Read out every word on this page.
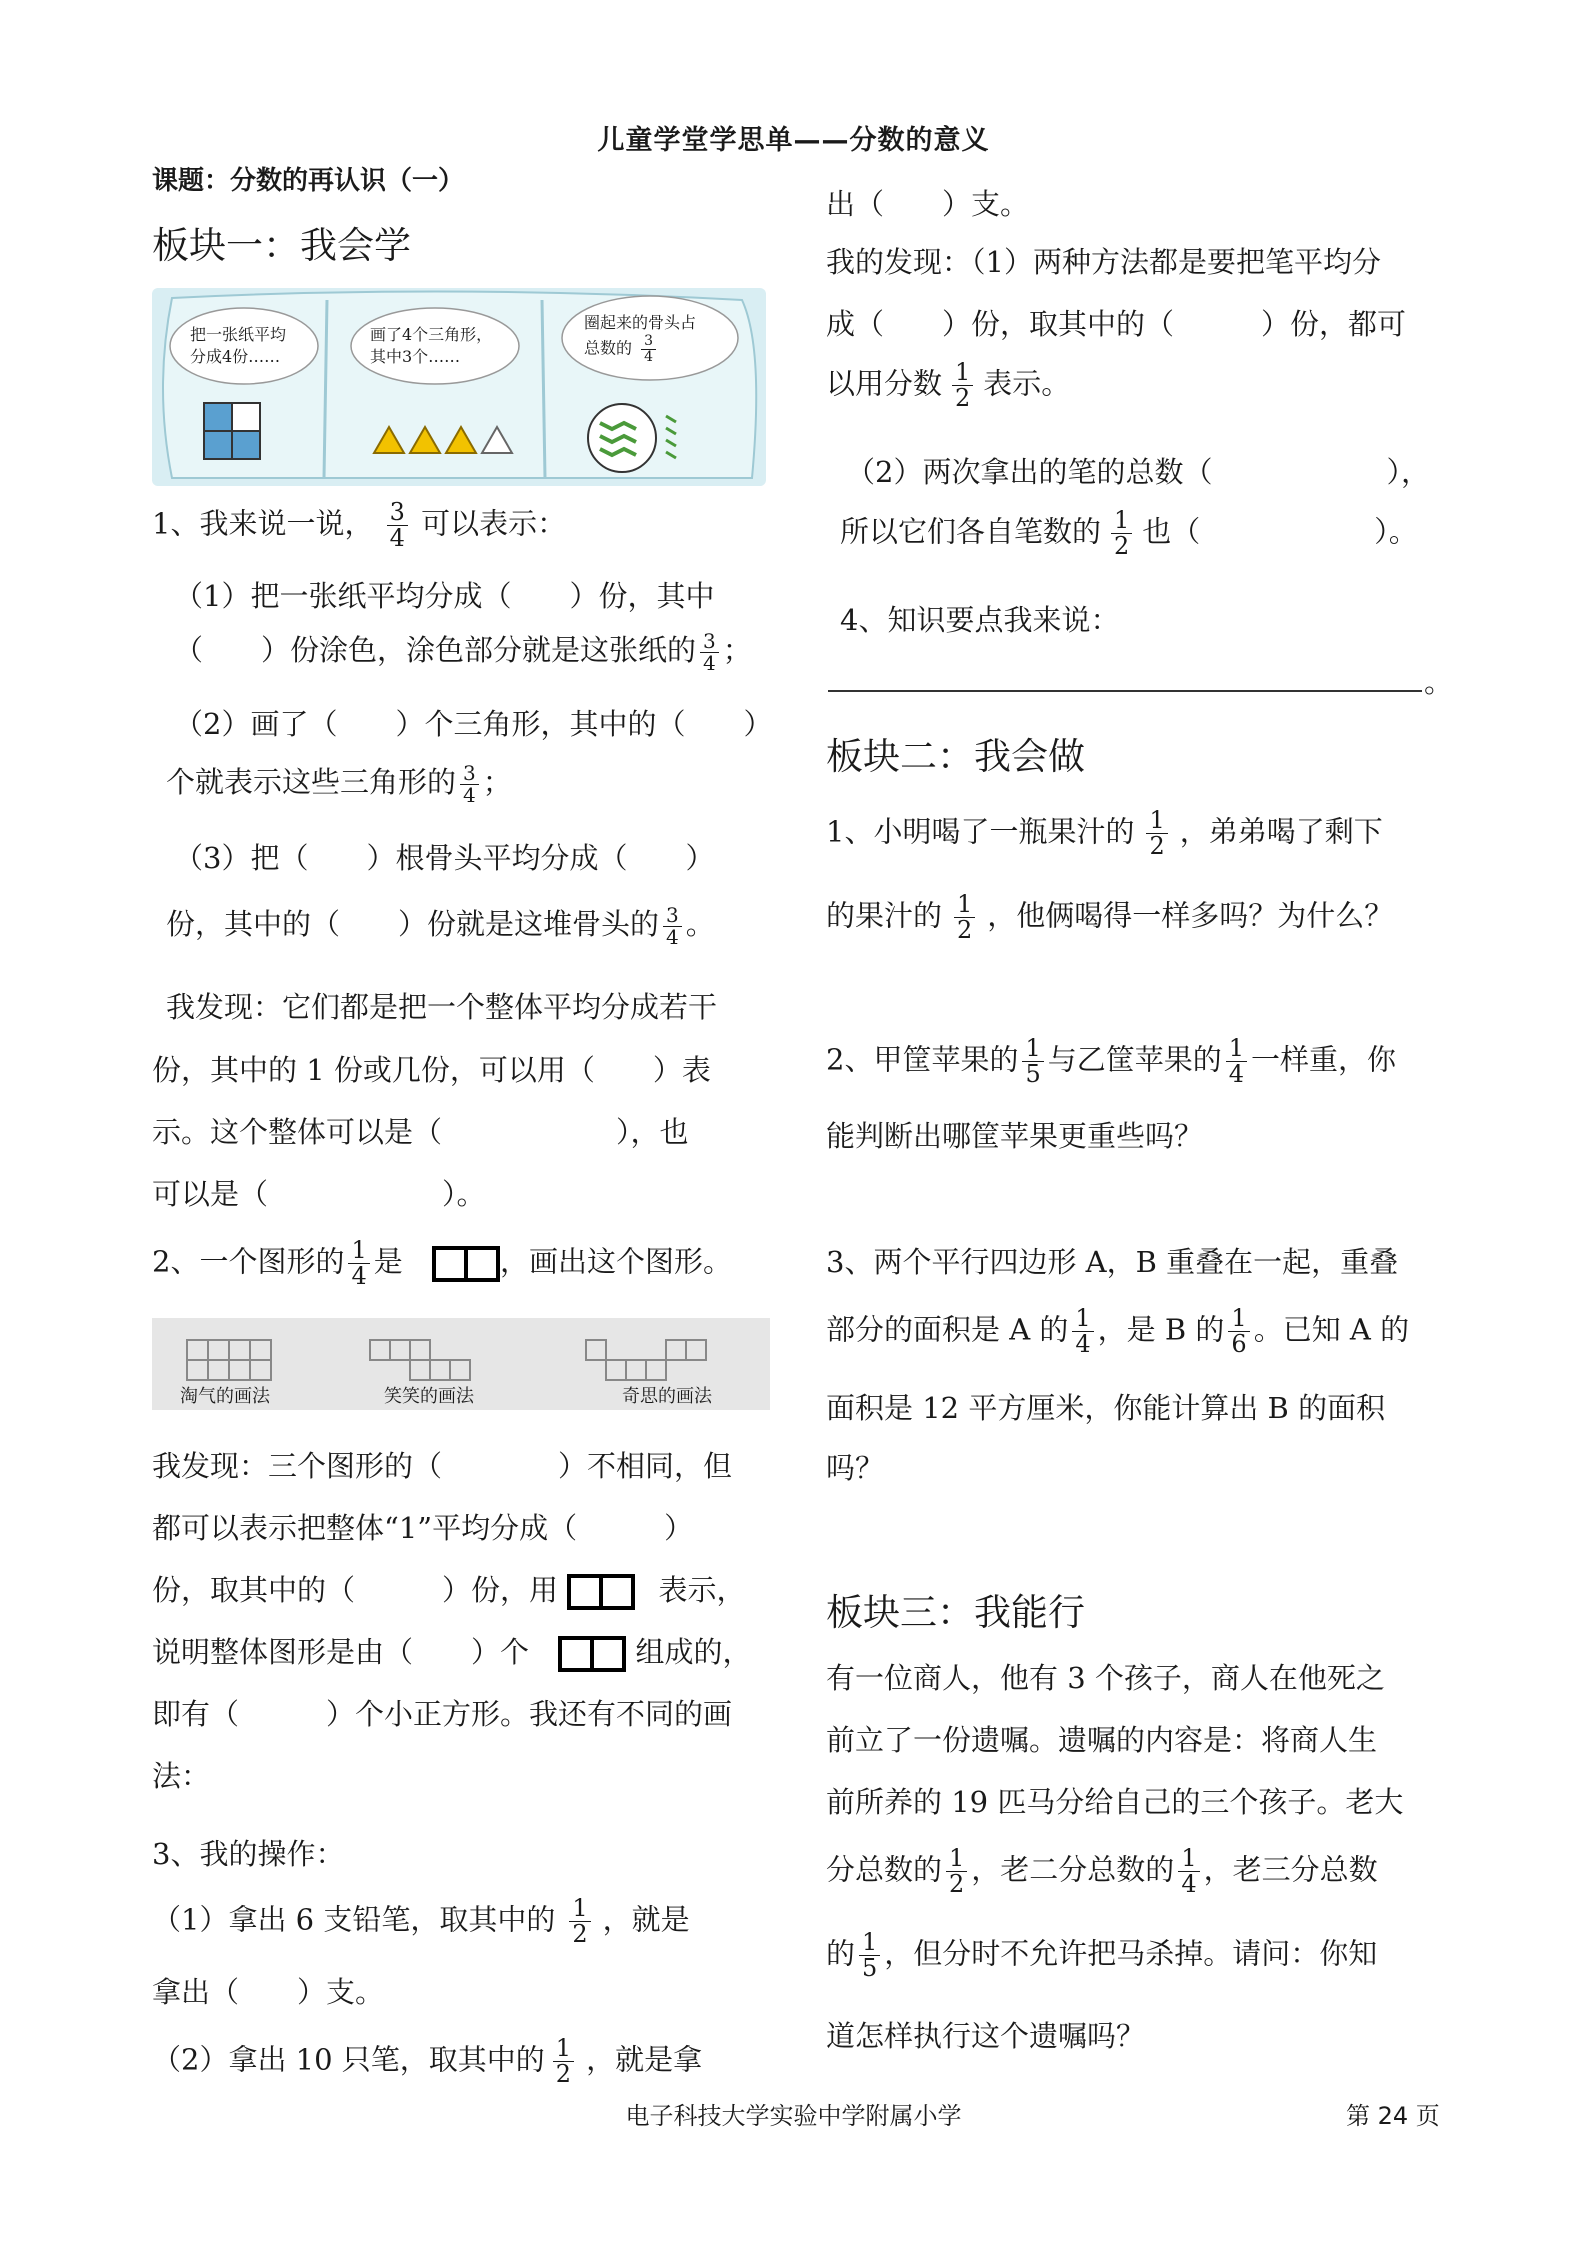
儿童学堂学思单——分数的意义
课题：分数的再认识（一）
板块一：我会学
把一张纸平均
分成4份……
画了4个三角形，
其中3个……
圈起来的骨头占
总数的 $\frac{3}{4}$
1、我来说一说， $\frac{3}{4}$ 可以表示：
（1）把一张纸平均分成（　　）份，其中
（　　）份涂色，涂色部分就是这张纸的 $\frac{3}{4}$ ；
（2）画了（　　）个三角形，其中的（　　）
个就表示这些三角形的 $\frac{3}{4}$ ；
（3）把（　　）根骨头平均分成（　　）
份，其中的（　　）份就是这堆骨头的 $\frac{3}{4}$ 。
我发现：它们都是把一个整体平均分成若干
份，其中的 1 份或几份，可以用（　　）表
示。这个整体可以是（　　　　　　），也
可以是（　　　　　　）。
2、一个图形的 $\frac{1}{4}$ 是	，画出这个图形。
淘气的画法	笑笑的画法	奇思的画法
我发现：三个图形的（　　　　）不相同，但
都可以表示把整体“1”平均分成（　　　）
份，取其中的（　　　）份，用	表示，
说明整体图形是由（　　）个	组成的，
即有（　　　）个小正方形。我还有不同的画
法：
3、我的操作：
（1）拿出 6 支铅笔，取其中的 $\frac{1}{2}$ ，就是
拿出（　　）支。
（2）拿出 10 只笔，取其中的 $\frac{1}{2}$ ，就是拿
出（　　）支。
我的发现：（1）两种方法都是要把笔平均分
成（　　）份，取其中的（　　　）份，都可
以用分数 $\frac{1}{2}$ 表示。
（2）两次拿出的笔的总数（　　　　　　），
所以它们各自笔数的 $\frac{1}{2}$ 也（　　　　　　）。
4、知识要点我来说：
。
板块二：我会做
1、小明喝了一瓶果汁的 $\frac{1}{2}$ ，弟弟喝了剩下
的果汁的 $\frac{1}{2}$ ，他俩喝得一样多吗？为什么？
2、甲筐苹果的 $\frac{1}{5}$ 与乙筐苹果的 $\frac{1}{4}$ 一样重，你
能判断出哪筐苹果更重些吗？
3、两个平行四边形 A，B 重叠在一起，重叠
部分的面积是 A 的 $\frac{1}{4}$ ，是 B 的 $\frac{1}{6}$ 。已知 A 的
面积是 12 平方厘米，你能计算出 B 的面积
吗？
板块三：我能行
有一位商人，他有 3 个孩子，商人在他死之
前立了一份遗嘱。遗嘱的内容是：将商人生
前所养的 19 匹马分给自己的三个孩子。老大
分总数的 $\frac{1}{2}$ ，老二分总数的 $\frac{1}{4}$ ，老三分总数
的 $\frac{1}{5}$ ，但分时不允许把马杀掉。请问：你知
道怎样执行这个遗嘱吗？
电子科技大学实验中学附属小学	第 24 页
